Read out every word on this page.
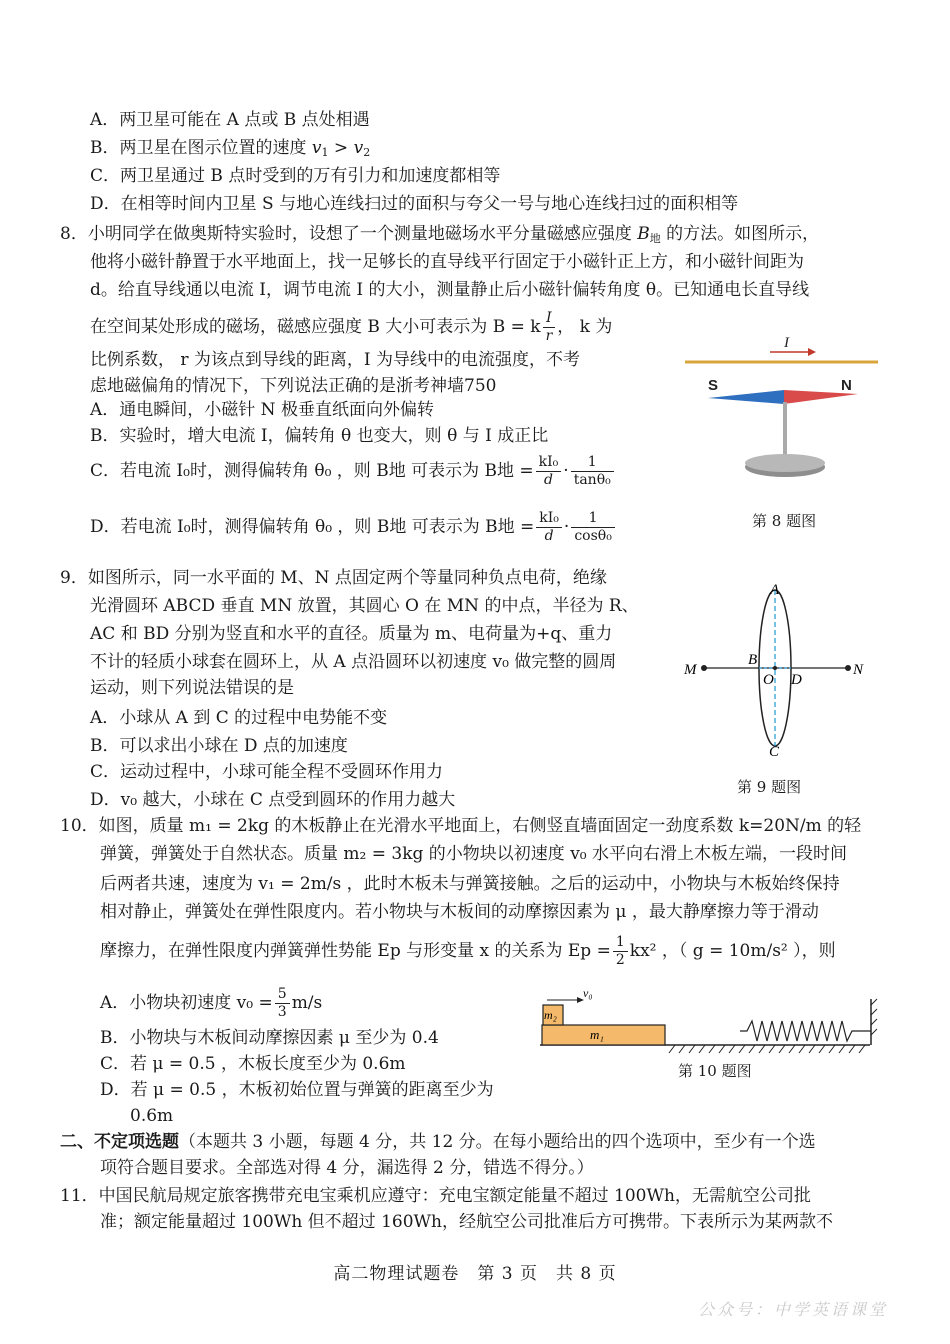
A．两卫星可能在 A 点或 B 点处相遇
B．两卫星在图示位置的速度 $v_1 > v_2$
C．两卫星通过 B 点时受到的万有引力和加速度都相等
D．在相等时间内卫星 S 与地心连线扫过的面积与夸父一号与地心连线扫过的面积相等
8．小明同学在做奥斯特实验时，设想了一个测量地磁场水平分量磁感应强度 $B_地$ 的方法。如图所示，
他将小磁针静置于水平地面上，找一足够长的直导线平行固定于小磁针正上方，和小磁针间距为
d。给直导线通以电流 I，调节电流 I 的大小，测量静止后小磁针偏转角度 θ。已知通电长直导线
在空间某处形成的磁场，磁感应强度 B 大小可表示为 B = k $\frac{I}{r}$ ， k 为
比例系数， r 为该点到导线的距离，I 为导线中的电流强度，不考
虑地磁偏角的情况下，下列说法正确的是浙考神墙750
A．通电瞬间，小磁针 N 极垂直纸面向外偏转
B．实验时，增大电流 I，偏转角 θ 也变大，则 θ 与 I 成正比
C．若电流 I₀时，测得偏转角 θ₀ ，则 B地 可表示为 B地 = $\frac{\text{kI₀}}{d} \cdot \frac{1}{\text{tanθ₀}}$
D．若电流 I₀时，测得偏转角 θ₀ ，则 B地 可表示为 B地 = $\frac{\text{kI₀}}{d} \cdot \frac{1}{\text{cosθ₀}}$
I
S	N
第 8 题图
9．如图所示，同一水平面的 M、N 点固定两个等量同种负点电荷，绝缘
光滑圆环 ABCD 垂直 MN 放置，其圆心 O 在 MN 的中点，半径为 R、
AC 和 BD 分别为竖直和水平的直径。质量为 m、电荷量为+q、重力
不计的轻质小球套在圆环上，从 A 点沿圆环以初速度 v₀ 做完整的圆周
运动，则下列说法错误的是
A．小球从 A 到 C 的过程中电势能不变
B．可以求出小球在 D 点的加速度
C．运动过程中，小球可能全程不受圆环作用力
D．v₀ 越大，小球在 C 点受到圆环的作用力越大
A
C
B
O D
M	N
第 9 题图
10．如图，质量 m₁ = 2kg 的木板静止在光滑水平地面上，右侧竖直墙面固定一劲度系数 k=20N/m 的轻
弹簧，弹簧处于自然状态。质量 m₂ = 3kg 的小物块以初速度 v₀ 水平向右滑上木板左端，一段时间
后两者共速，速度为 v₁ = 2m/s ，此时木板未与弹簧接触。之后的运动中，小物块与木板始终保持
相对静止，弹簧处在弹性限度内。若小物块与木板间的动摩擦因素为 μ ，最大静摩擦力等于滑动
摩擦力，在弹性限度内弹簧弹性势能 Ep 与形变量 x 的关系为 $Ep = \frac{1}{2} kx^2$ ，（ g = 10m/s² ），则
A．小物块初速度 $v_0 = \frac{5}{3} m/s$
B．小物块与木板间动摩擦因素 μ 至少为 0.4
C．若 μ = 0.5 ，木板长度至少为 0.6m
D．若 μ = 0.5 ，木板初始位置与弹簧的距离至少为
0.6m
m₁
m₂
v₀
第 10 题图
二、不定项选题（本题共 3 小题，每题 4 分，共 12 分。在每小题给出的四个选项中，至少有一个选
项符合题目要求。全部选对得 4 分，漏选得 2 分，错选不得分。）
11．中国民航局规定旅客携带充电宝乘机应遵守：充电宝额定能量不超过 100Wh，无需航空公司批
准；额定能量超过 100Wh 但不超过 160Wh，经航空公司批准后方可携带。下表所示为某两款不
高二物理试题卷　第 3 页　共 8 页
公众号：中学英语课堂
